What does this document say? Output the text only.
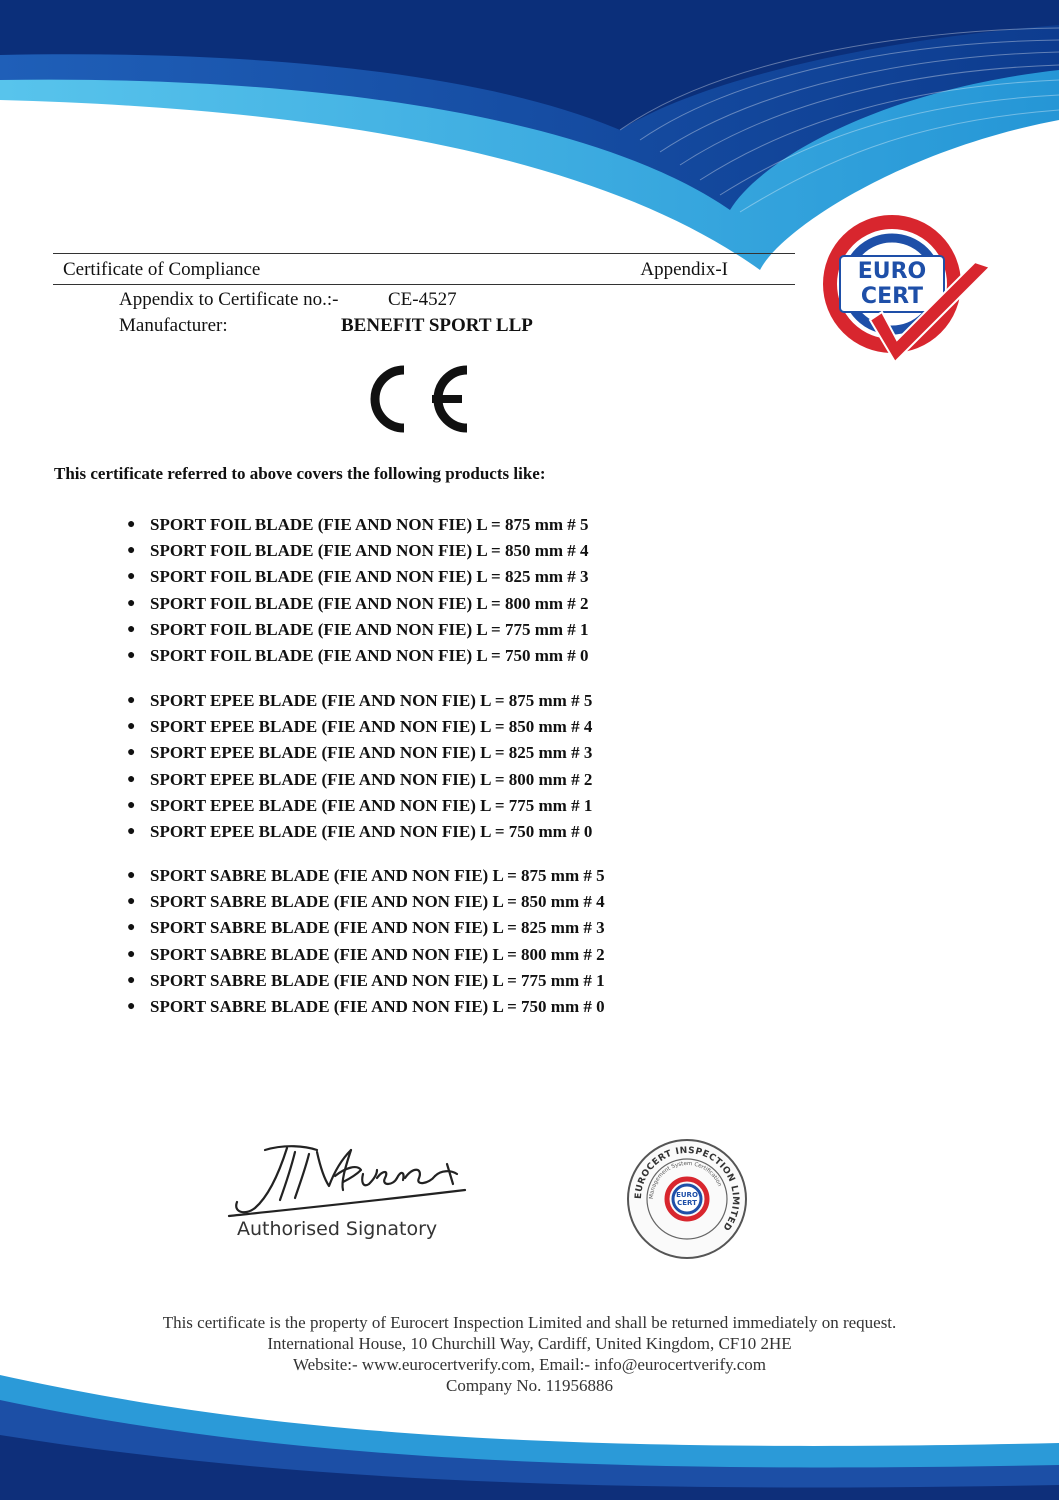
Certificate of Compliance	Appendix-I
Appendix to Certificate no.:-	CE-4527
Manufacturer:	BENEFIT SPORT LLP
EURO
CERT
This certificate referred to above covers the following products like:
● SPORT FOIL BLADE (FIE AND NON FIE) L = 875 mm # 5
● SPORT FOIL BLADE (FIE AND NON FIE) L = 850 mm # 4
● SPORT FOIL BLADE (FIE AND NON FIE) L = 825 mm # 3
● SPORT FOIL BLADE (FIE AND NON FIE) L = 800 mm # 2
● SPORT FOIL BLADE (FIE AND NON FIE) L = 775 mm # 1
● SPORT FOIL BLADE (FIE AND NON FIE) L = 750 mm # 0
● SPORT EPEE BLADE (FIE AND NON FIE) L = 875 mm # 5
● SPORT EPEE BLADE (FIE AND NON FIE) L = 850 mm # 4
● SPORT EPEE BLADE (FIE AND NON FIE) L = 825 mm # 3
● SPORT EPEE BLADE (FIE AND NON FIE) L = 800 mm # 2
● SPORT EPEE BLADE (FIE AND NON FIE) L = 775 mm # 1
● SPORT EPEE BLADE (FIE AND NON FIE) L = 750 mm # 0
● SPORT SABRE BLADE (FIE AND NON FIE) L = 875 mm # 5
● SPORT SABRE BLADE (FIE AND NON FIE) L = 850 mm # 4
● SPORT SABRE BLADE (FIE AND NON FIE) L = 825 mm # 3
● SPORT SABRE BLADE (FIE AND NON FIE) L = 800 mm # 2
● SPORT SABRE BLADE (FIE AND NON FIE) L = 775 mm # 1
● SPORT SABRE BLADE (FIE AND NON FIE) L = 750 mm # 0
Authorised Signatory
EUROCERT INSPECTION LIMITED
Management System Certification
EURO
CERT
This certificate is the property of Eurocert Inspection Limited and shall be returned immediately on request.
International House, 10 Churchill Way, Cardiff, United Kingdom, CF10 2HE
Website:- www.eurocertverify.com, Email:- info@eurocertverify.com
Company No. 11956886
